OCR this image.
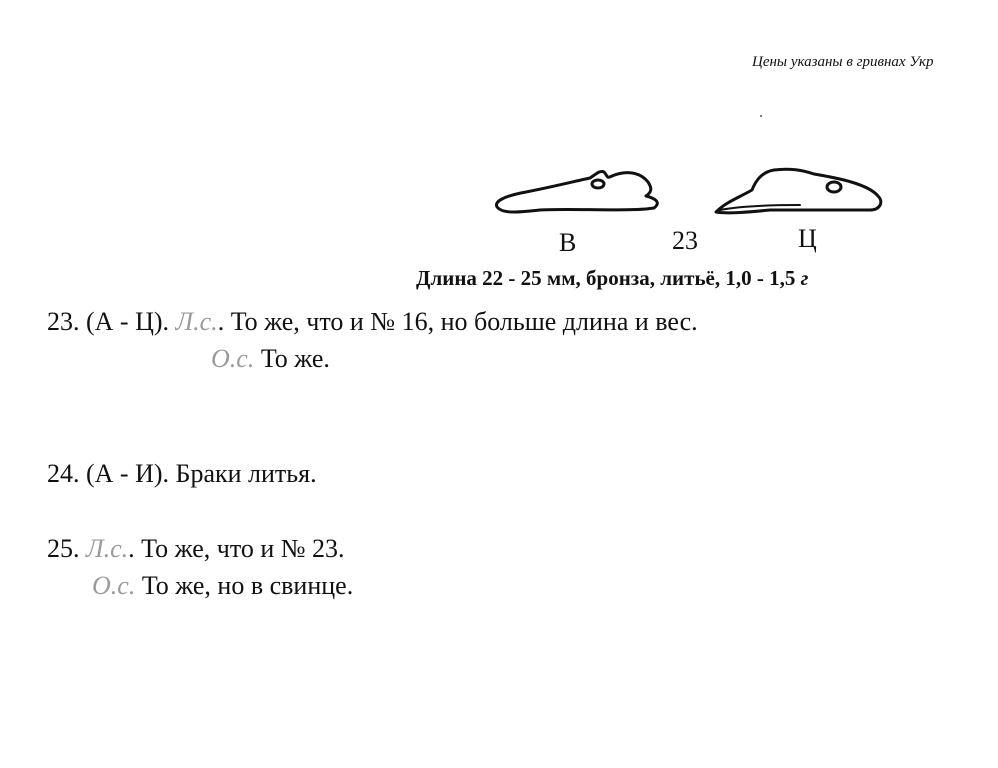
Цены указаны в гривнах Укр
В	23	Ц
Длина 22 - 25 мм, бронза, литьё, 1,0 - 1,5 г
23. (А - Ц). Л.с.. То же, что и № 16, но больше длина и вес.
О.с. То же.
24. (А - И). Браки литья.
25. Л.с.. То же, что и № 23.
О.с. То же, но в свинце.
